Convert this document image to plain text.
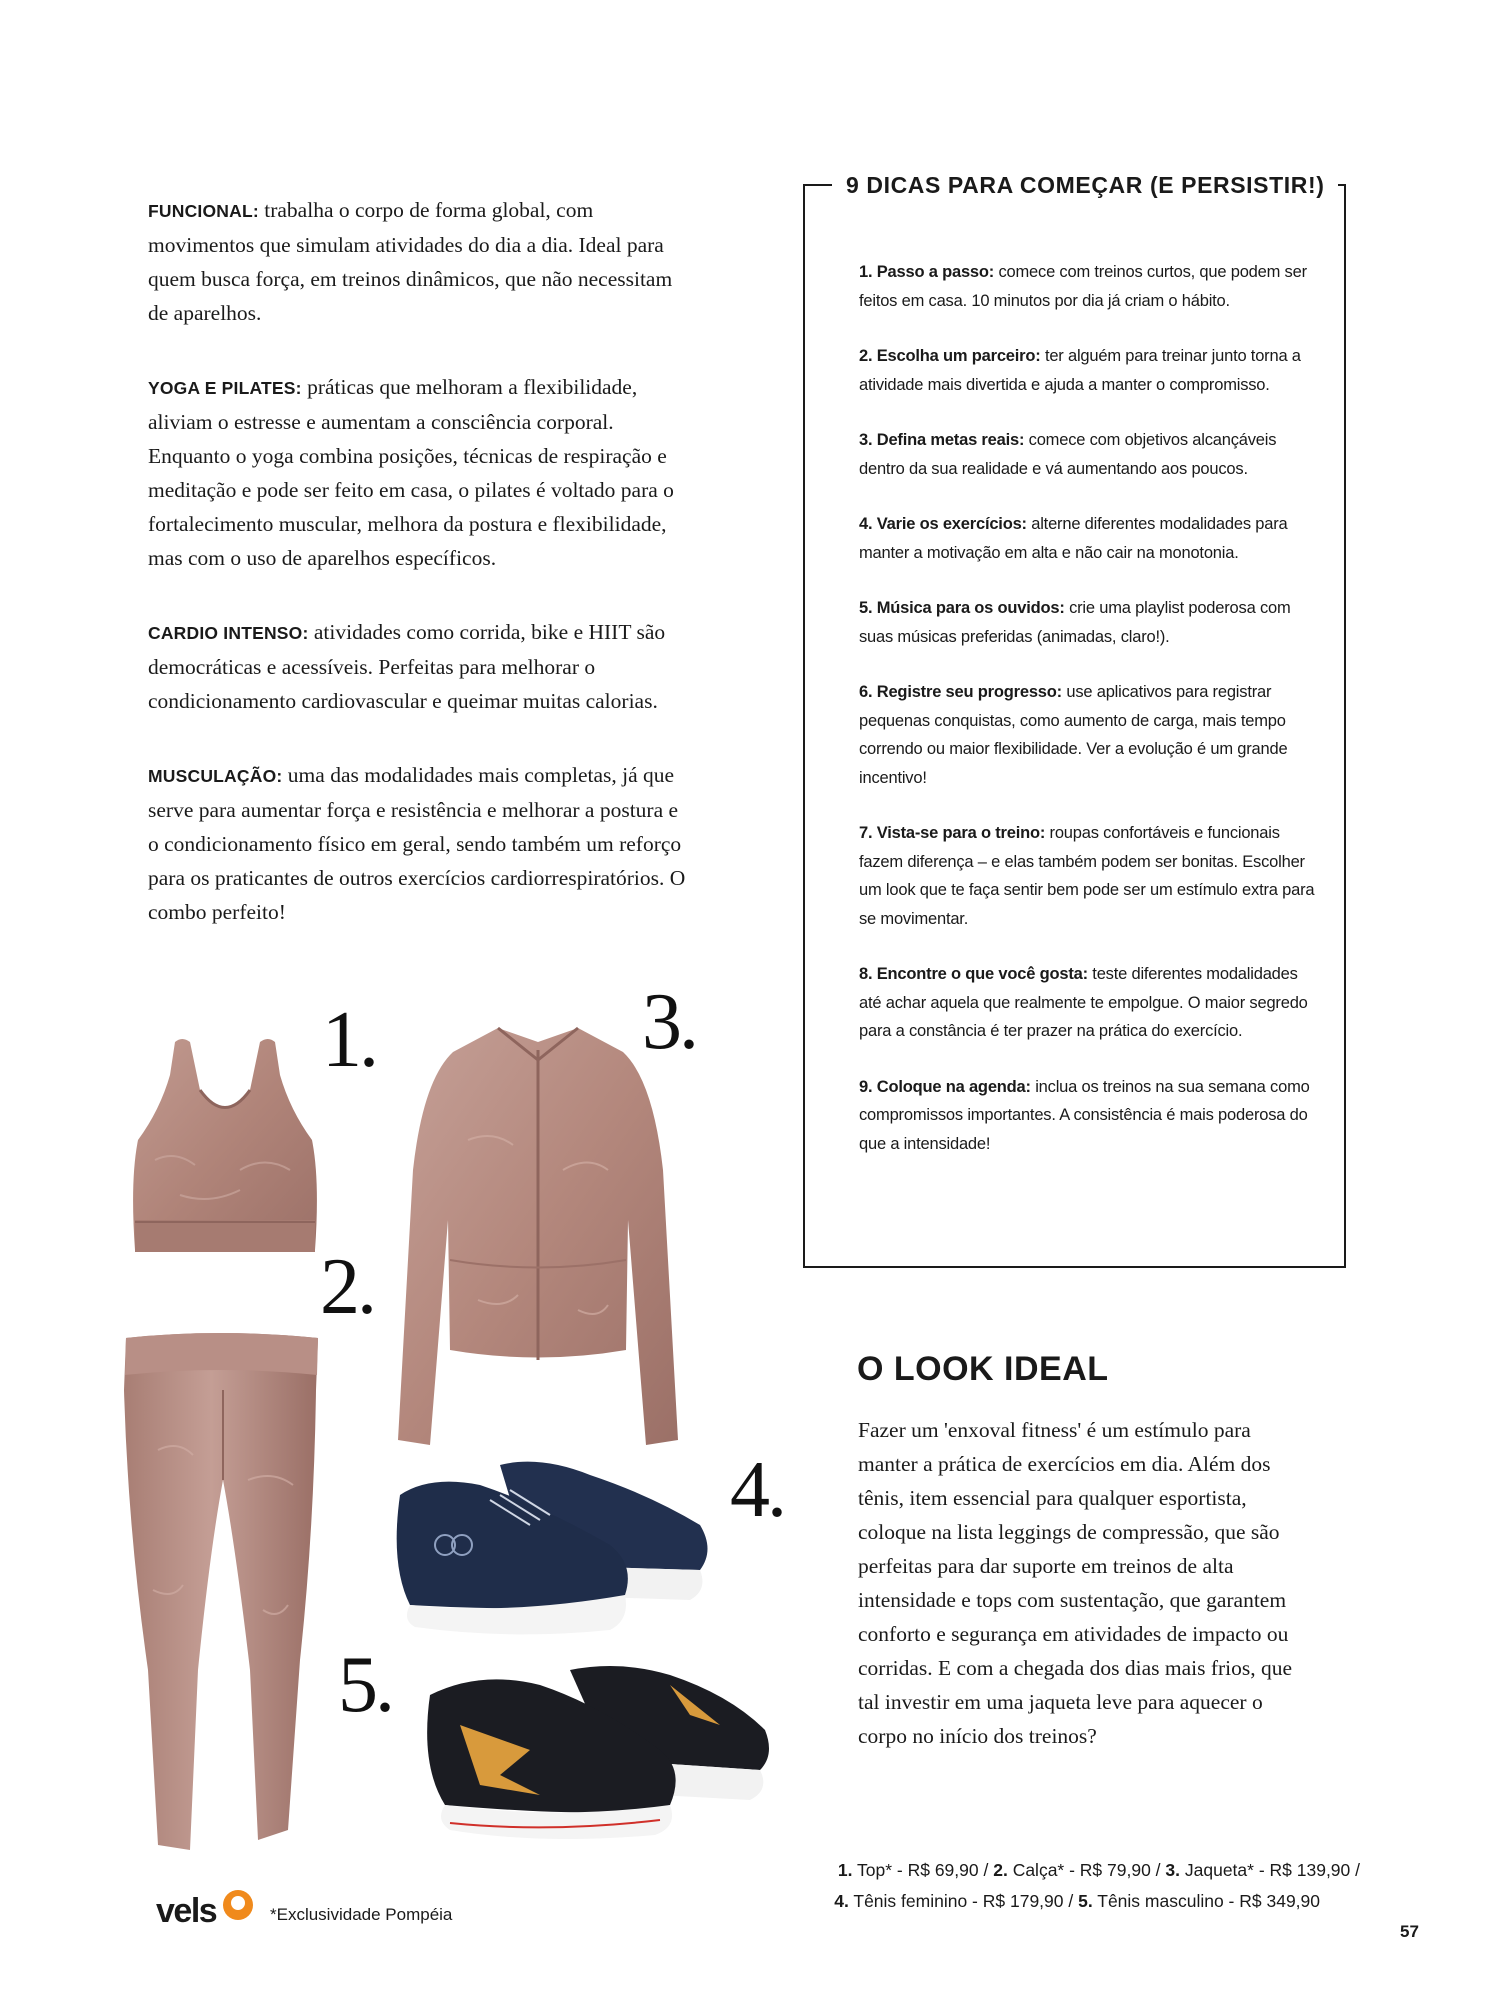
FUNCIONAL: trabalha o corpo de forma global, com movimentos que simulam atividades do dia a dia. Ideal para quem busca força, em treinos dinâmicos, que não necessitam de aparelhos.

YOGA E PILATES: práticas que melhoram a flexibilidade, aliviam o estresse e aumentam a consciência corporal. Enquanto o yoga combina posições, técnicas de respiração e meditação e pode ser feito em casa, o pilates é voltado para o fortalecimento muscular, melhora da postura e flexibilidade, mas com o uso de aparelhos específicos.

CARDIO INTENSO: atividades como corrida, bike e HIIT são democráticas e acessíveis. Perfeitas para melhorar o condicionamento cardiovascular e queimar muitas calorias.

MUSCULAÇÃO: uma das modalidades mais completas, já que serve para aumentar força e resistência e melhorar a postura e o condicionamento físico em geral, sendo também um reforço para os praticantes de outros exercícios cardiorrespiratórios. O combo perfeito!

9 DICAS PARA COMEÇAR (E PERSISTIR!)

1. Passo a passo: comece com treinos curtos, que podem ser feitos em casa. 10 minutos por dia já criam o hábito.

2. Escolha um parceiro: ter alguém para treinar junto torna a atividade mais divertida e ajuda a manter o compromisso.

3. Defina metas reais: comece com objetivos alcançáveis dentro da sua realidade e vá aumentando aos poucos.

4. Varie os exercícios: alterne diferentes modalidades para manter a motivação em alta e não cair na monotonia.

5. Música para os ouvidos: crie uma playlist poderosa com suas músicas preferidas (animadas, claro!).

6. Registre seu progresso: use aplicativos para registrar pequenas conquistas, como aumento de carga, mais tempo correndo ou maior flexibilidade. Ver a evolução é um grande incentivo!

7. Vista-se para o treino: roupas confortáveis e funcionais fazem diferença – e elas também podem ser bonitas. Escolher um look que te faça sentir bem pode ser um estímulo extra para se movimentar.

8. Encontre o que você gosta: teste diferentes modalidades até achar aquela que realmente te empolgue. O maior segredo para a constância é ter prazer na prática do exercício.

9. Coloque na agenda: inclua os treinos na sua semana como compromissos importantes. A consistência é mais poderosa do que a intensidade!

O LOOK IDEAL

Fazer um 'enxoval fitness' é um estímulo para manter a prática de exercícios em dia. Além dos tênis, item essencial para qualquer esportista, coloque na lista leggings de compressão, que são perfeitas para dar suporte em treinos de alta intensidade e tops com sustentação, que garantem conforto e segurança em atividades de impacto ou corridas. E com a chegada dos dias mais frios, que tal investir em uma jaqueta leve para aquecer o corpo no início dos treinos?

1.
2.
3.
4.
5.
1. Top* - R$ 69,90 / 2. Calça* - R$ 79,90 / 3. Jaqueta* - R$ 139,90 /
4. Tênis feminino - R$ 179,90 / 5. Tênis masculino - R$ 349,90
vels	*Exclusividade Pompéia
57
